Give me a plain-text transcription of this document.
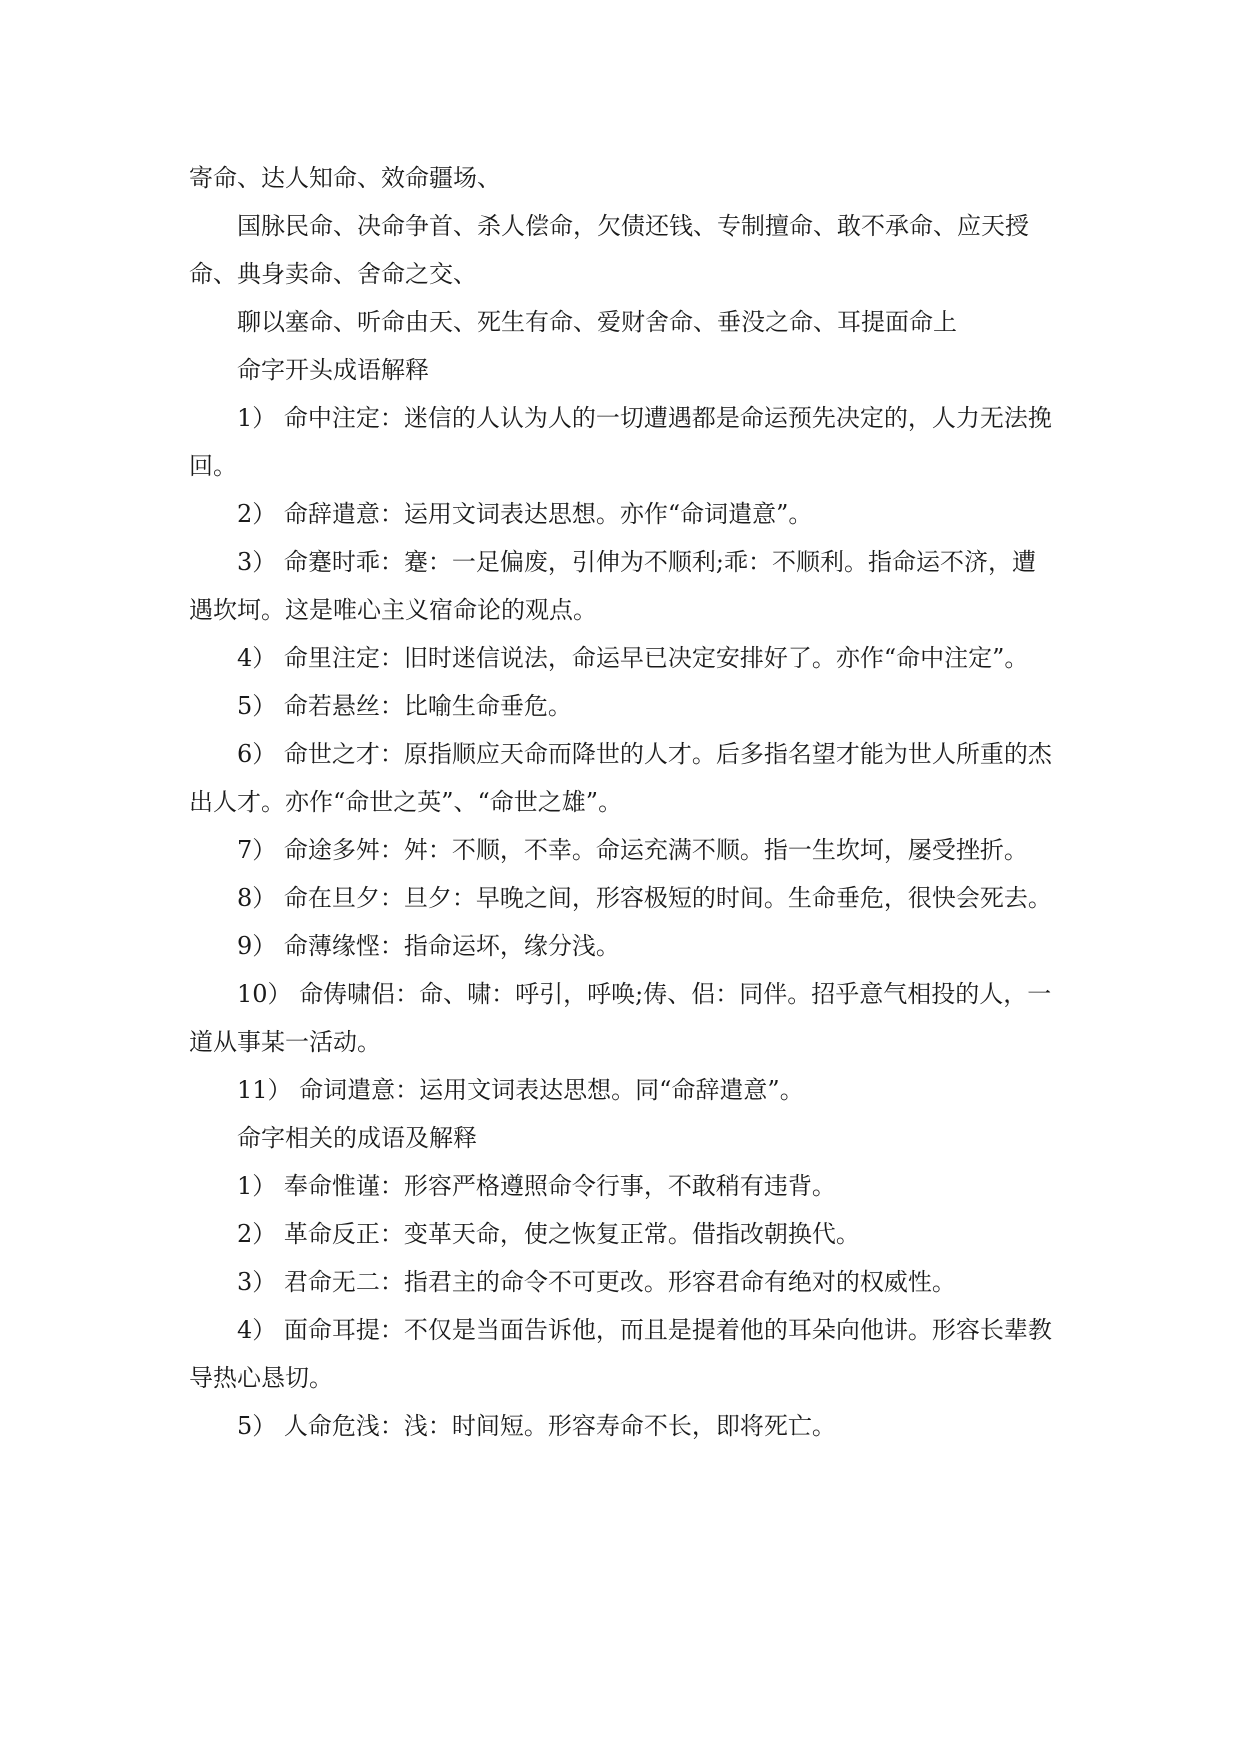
寄命、达人知命、效命疆场、

国脉民命、决命争首、杀人偿命，欠债还钱、专制擅命、敢不承命、应天授命、典身卖命、舍命之交、

聊以塞命、听命由天、死生有命、爱财舍命、垂没之命、耳提面命上

命字开头成语解释

1） 命中注定：迷信的人认为人的一切遭遇都是命运预先决定的，人力无法挽回。

2） 命辞遣意：运用文词表达思想。亦作“命词遣意”。

3） 命蹇时乖：蹇：一足偏废，引伸为不顺利;乖：不顺利。指命运不济，遭遇坎坷。这是唯心主义宿命论的观点。

4） 命里注定：旧时迷信说法，命运早已决定安排好了。亦作“命中注定”。

5） 命若悬丝：比喻生命垂危。

6） 命世之才：原指顺应天命而降世的人才。后多指名望才能为世人所重的杰出人才。亦作“命世之英”、“命世之雄”。

7） 命途多舛：舛：不顺，不幸。命运充满不顺。指一生坎坷，屡受挫折。

8） 命在旦夕：旦夕：早晚之间，形容极短的时间。生命垂危，很快会死去。

9） 命薄缘悭：指命运坏，缘分浅。

10） 命俦啸侣：命、啸：呼引，呼唤;俦、侣：同伴。招乎意气相投的人，一道从事某一活动。

11） 命词遣意：运用文词表达思想。同“命辞遣意”。

命字相关的成语及解释

1） 奉命惟谨：形容严格遵照命令行事，不敢稍有违背。

2） 革命反正：变革天命，使之恢复正常。借指改朝换代。

3） 君命无二：指君主的命令不可更改。形容君命有绝对的权威性。

4） 面命耳提：不仅是当面告诉他，而且是提着他的耳朵向他讲。形容长辈教导热心恳切。

5） 人命危浅：浅：时间短。形容寿命不长，即将死亡。
